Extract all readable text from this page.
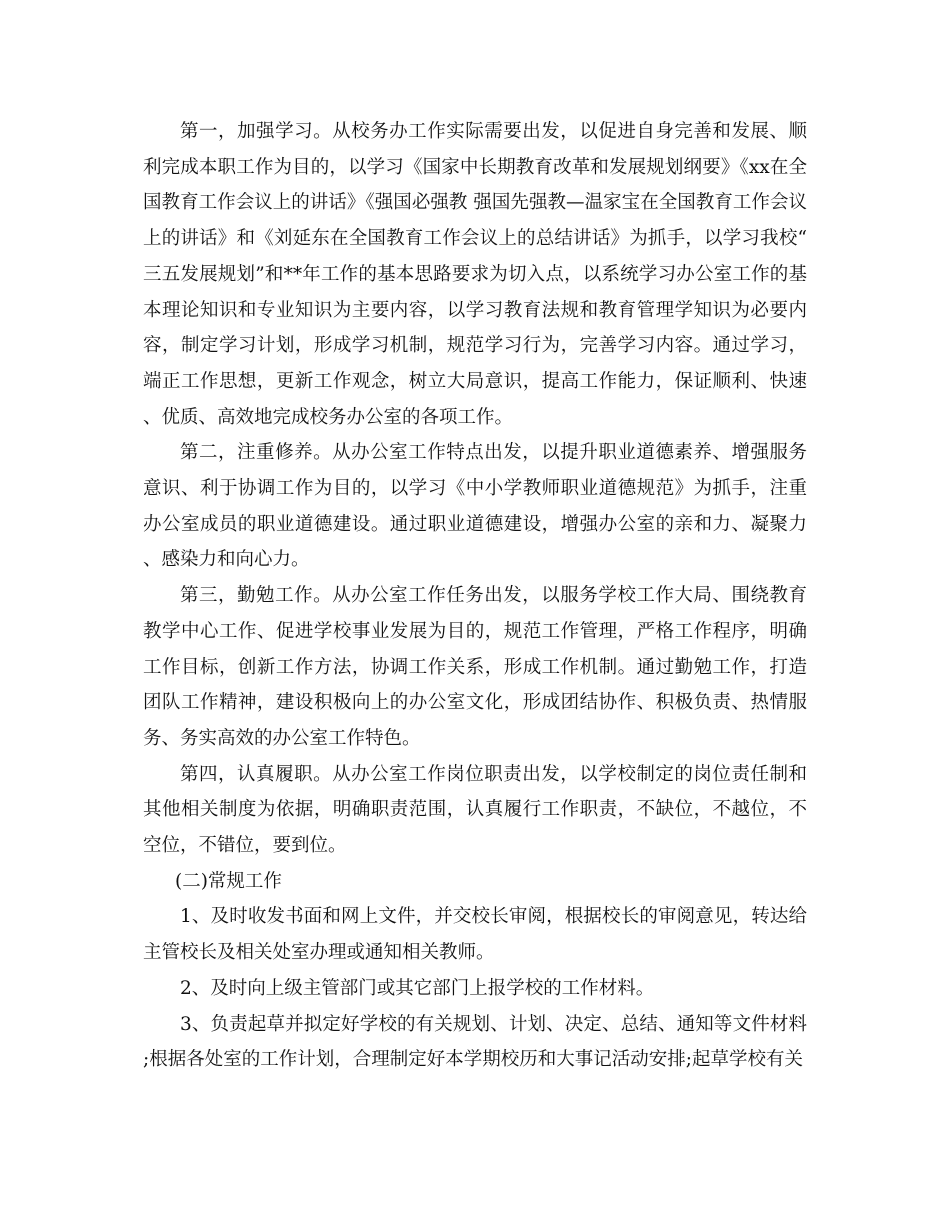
第一，加强学习。从校务办工作实际需要出发，以促进自身完善和发展、顺利完成本职工作为目的，以学习《国家中长期教育改革和发展规划纲要》《xx在全国教育工作会议上的讲话》《强国必强教 强国先强教—温家宝在全国教育工作会议上的讲话》和《刘延东在全国教育工作会议上的总结讲话》为抓手，以学习我校“三五发展规划”和**年工作的基本思路要求为切入点，以系统学习办公室工作的基本理论知识和专业知识为主要内容，以学习教育法规和教育管理学知识为必要内容，制定学习计划，形成学习机制，规范学习行为，完善学习内容。通过学习，端正工作思想，更新工作观念，树立大局意识，提高工作能力，保证顺利、快速、优质、高效地完成校务办公室的各项工作。

第二，注重修养。从办公室工作特点出发，以提升职业道德素养、增强服务意识、利于协调工作为目的，以学习《中小学教师职业道德规范》为抓手，注重办公室成员的职业道德建设。通过职业道德建设，增强办公室的亲和力、凝聚力、感染力和向心力。

第三，勤勉工作。从办公室工作任务出发，以服务学校工作大局、围绕教育教学中心工作、促进学校事业发展为目的，规范工作管理，严格工作程序，明确工作目标，创新工作方法，协调工作关系，形成工作机制。通过勤勉工作，打造团队工作精神，建设积极向上的办公室文化，形成团结协作、积极负责、热情服务、务实高效的办公室工作特色。

第四，认真履职。从办公室工作岗位职责出发，以学校制定的岗位责任制和其他相关制度为依据，明确职责范围，认真履行工作职责，不缺位，不越位，不空位，不错位，要到位。

(二)常规工作

1、及时收发书面和网上文件，并交校长审阅，根据校长的审阅意见，转达给主管校长及相关处室办理或通知相关教师。

2、及时向上级主管部门或其它部门上报学校的工作材料。

3、负责起草并拟定好学校的有关规划、计划、决定、总结、通知等文件材料;根据各处室的工作计划，合理制定好本学期校历和大事记活动安排;起草学校有关
